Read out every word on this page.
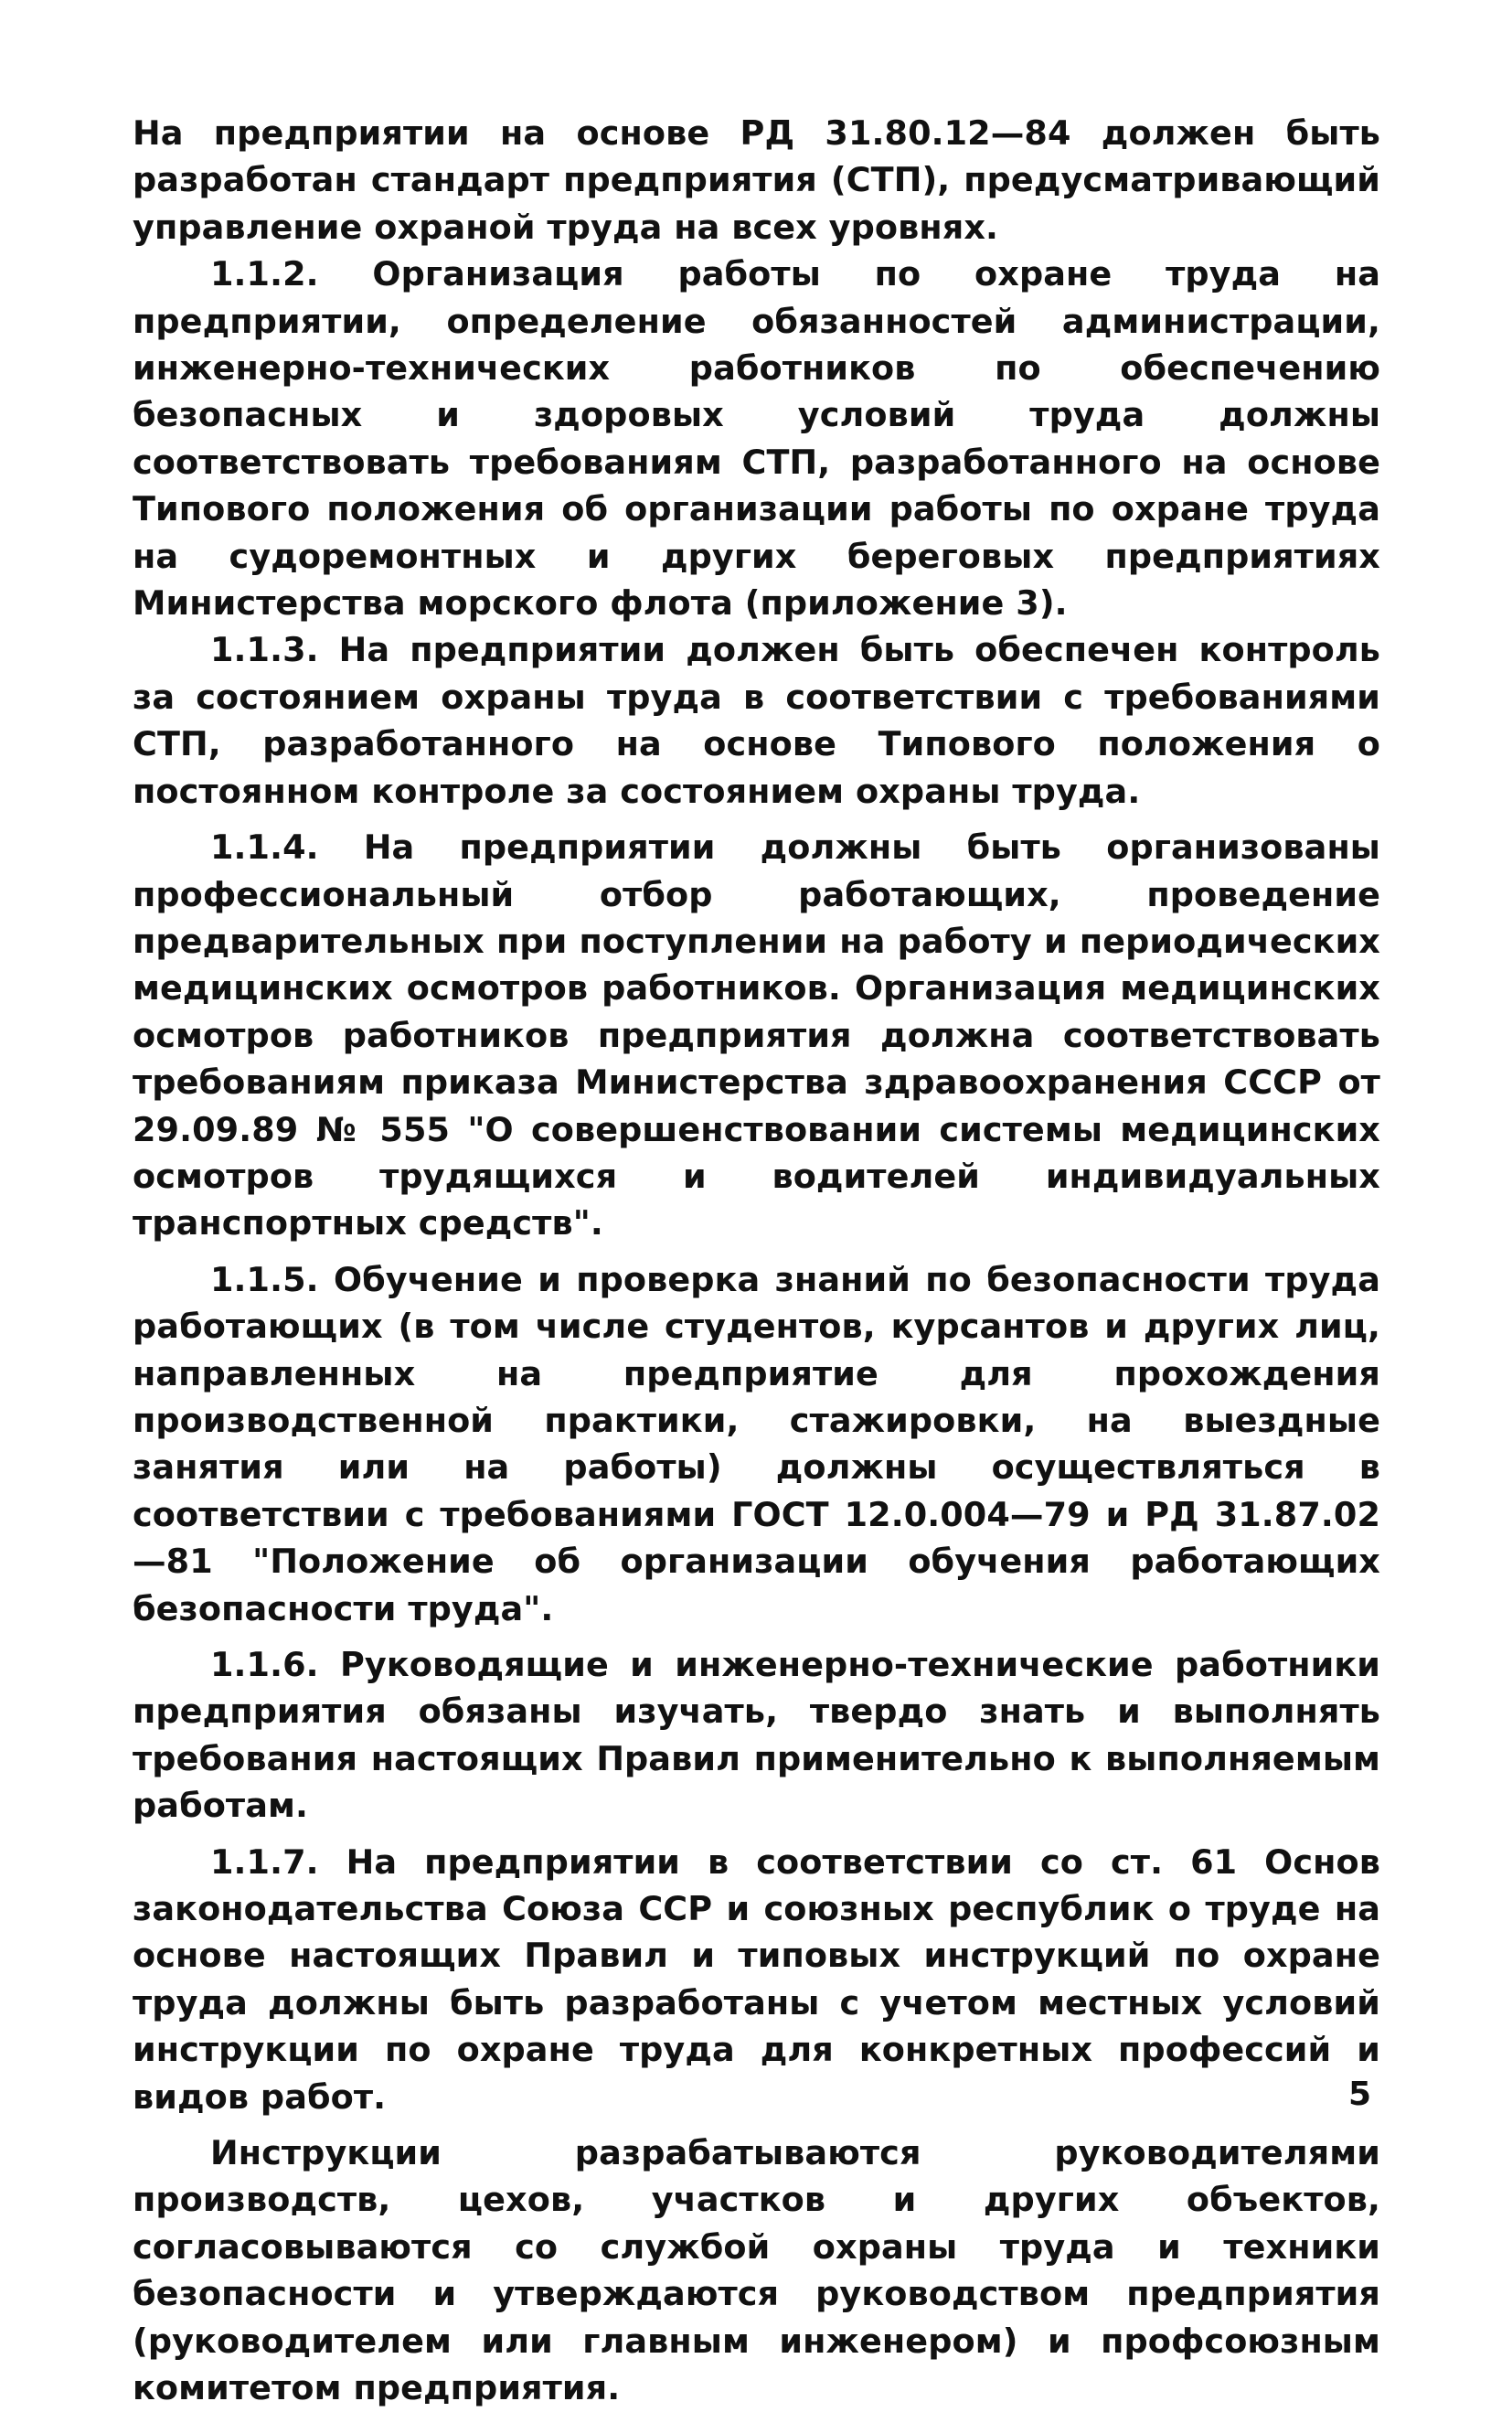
На предприятии на основе РД 31.80.12—84 должен быть разработан стандарт предприятия (СТП), предусматривающий управление охраной труда на всех уровнях.

1.1.2. Организация работы по охране труда на предприятии, определение обязанностей администрации, инженерно-технических работников по обеспечению безопасных и здоровых условий труда должны соответствовать требованиям СТП, разработанного на основе Типового положения об организации работы по охране труда на судоремонтных и других береговых предприятиях Министерства морского флота (приложение 3).

1.1.3. На предприятии должен быть обеспечен контроль за состоянием охраны труда в соответствии с требованиями СТП, разработанного на основе Типового положения о постоянном контроле за состоянием охраны труда.

1.1.4. На предприятии должны быть организованы профессиональный отбор работающих, проведение предварительных при поступлении на работу и периодических медицинских осмотров работников. Организация медицинских осмотров работников предприятия должна соответствовать требованиям приказа Министерства здравоохранения СССР от 29.09.89 № 555 "О совершенствовании системы медицинских осмотров трудящихся и водителей индивидуальных транспортных средств".

1.1.5. Обучение и проверка знаний по безопасности труда работающих (в том числе студентов, курсантов и других лиц, направленных на предприятие для прохождения производственной практики, стажировки, на выездные занятия или на работы) должны осуществляться в соответствии с требованиями ГОСТ 12.0.004—79 и РД 31.87.02—81 "Положение об организации обучения работающих безопасности труда".

1.1.6. Руководящие и инженерно-технические работники предприятия обязаны изучать, твердо знать и выполнять требования настоящих Правил применительно к выполняемым работам.

1.1.7. На предприятии в соответствии со ст. 61 Основ законодательства Союза ССР и союзных республик о труде на основе настоящих Правил и типовых инструкций по охране труда должны быть разработаны с учетом местных условий инструкции по охране труда для конкретных профессий и видов работ.

Инструкции разрабатываются руководителями производств, цехов, участков и других объектов, согласовываются со службой охраны труда и техники безопасности и утверждаются руководством предприятия (руководителем или главным инженером) и профсоюзным комитетом предприятия.

5
